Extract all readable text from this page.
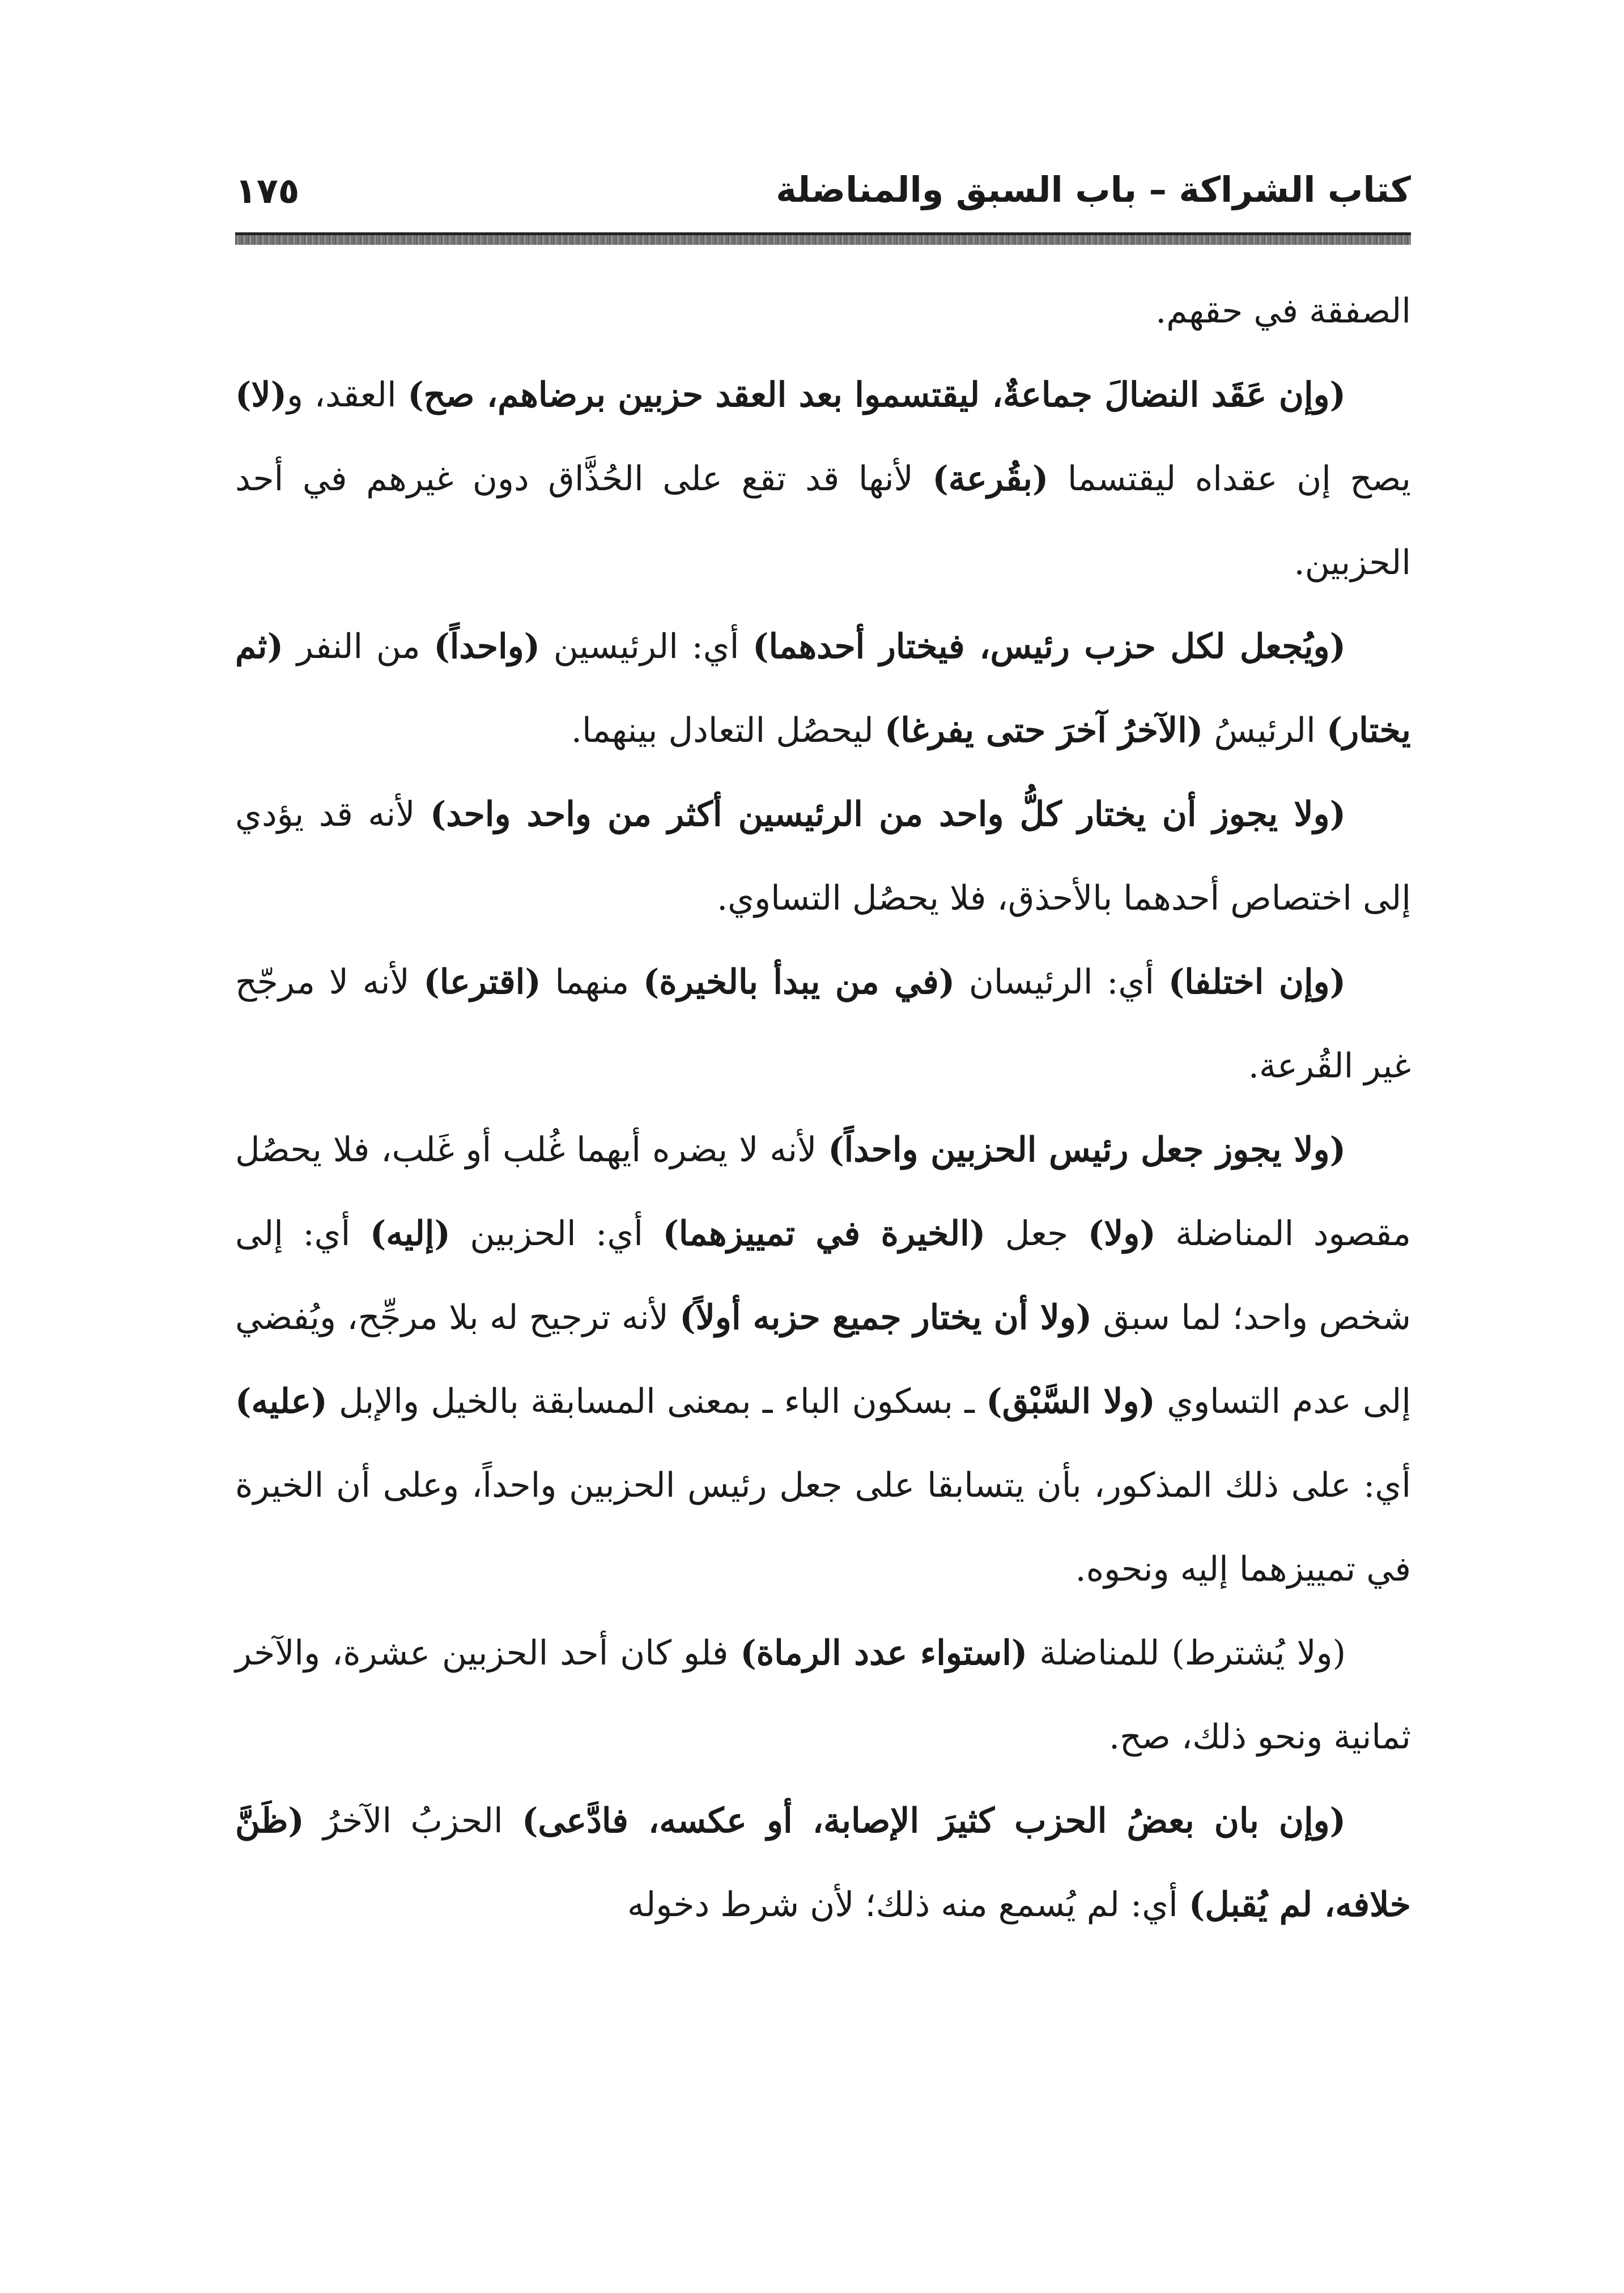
كتاب الشراكة – باب السبق والمناضلة
١٧٥

الصفقة في حقهم.

(وإن عَقَد النضالَ جماعةٌ، ليقتسموا بعد العقد حزبين برضاهم، صح) العقد، و(لا) يصح إن عقداه ليقتسما (بقُرعة) لأنها قد تقع على الحُذَّاق دون غيرهم في أحد الحزبين.

(ويُجعل لكل حزب رئيس، فيختار أحدهما) أي: الرئيسين (واحداً) من النفر (ثم يختار) الرئيسُ (الآخرُ آخرَ حتى يفرغا) ليحصُل التعادل بينهما.

(ولا يجوز أن يختار كلُّ واحد من الرئيسين أكثر من واحد واحد) لأنه قد يؤدي إلى اختصاص أحدهما بالأحذق، فلا يحصُل التساوي.

(وإن اختلفا) أي: الرئيسان (في من يبدأ بالخيرة) منهما (اقترعا) لأنه لا مرجّح غير القُرعة.

(ولا يجوز جعل رئيس الحزبين واحداً) لأنه لا يضره أيهما غُلب أو غَلب، فلا يحصُل مقصود المناضلة (ولا) جعل (الخيرة في تمييزهما) أي: الحزبين (إليه) أي: إلى شخص واحد؛ لما سبق (ولا أن يختار جميع حزبه أولاً) لأنه ترجيح له بلا مرجِّح، ويُفضي إلى عدم التساوي (ولا السَّبْق) ـ بسكون الباء ـ بمعنى المسابقة بالخيل والإبل (عليه) أي: على ذلك المذكور، بأن يتسابقا على جعل رئيس الحزبين واحداً، وعلى أن الخيرة في تمييزهما إليه ونحوه.

(ولا يُشترط) للمناضلة (استواء عدد الرماة) فلو كان أحد الحزبين عشرة، والآخر ثمانية ونحو ذلك، صح.

(وإن بان بعضُ الحزب كثيرَ الإصابة، أو عكسه، فادَّعى) الحزبُ الآخرُ (ظَنَّ خلافه، لم يُقبل) أي: لم يُسمع منه ذلك؛ لأن شرط دخوله
